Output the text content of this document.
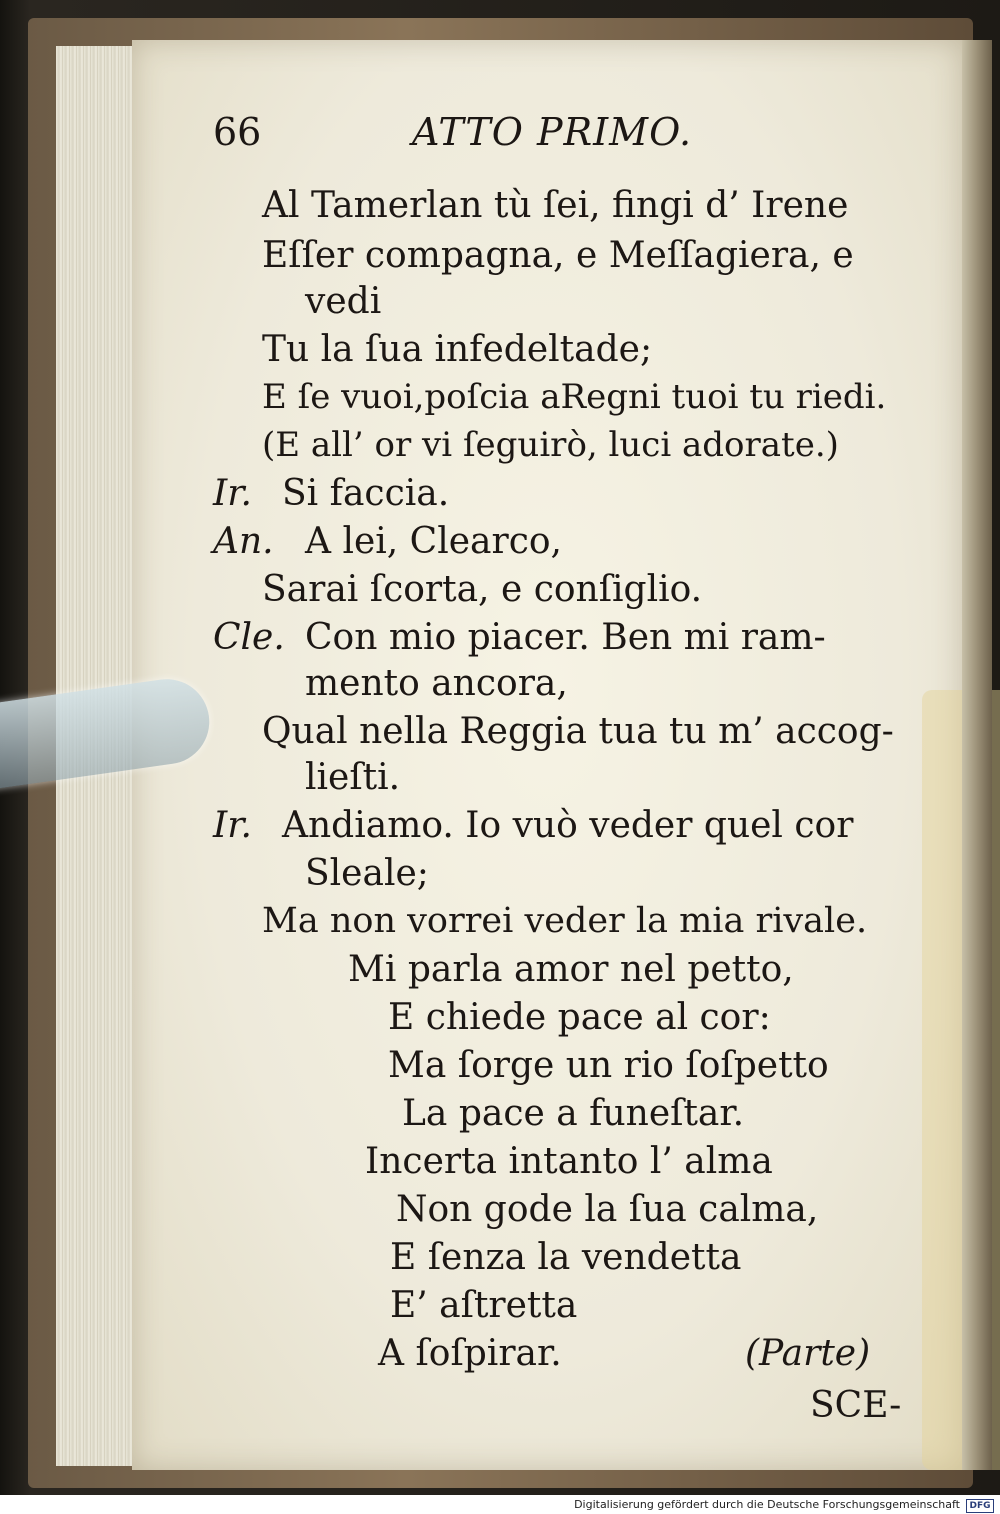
66	ATTO PRIMO.
Al Tamerlan tù ſei, fingi d’ Irene
Eſſer compagna, e Meſſagiera, e
vedi
Tu la ſua infedeltade;
E ſe vuoi,poſcia aRegni tuoi tu riedi.
(E all’ or vi ſeguirò, luci adorate.)
Ir. Si faccia.
An. A lei, Clearco,
Sarai ſcorta, e conſiglio.
Cle. Con mio piacer. Ben mi ram-
mento ancora,
Qual nella Reggia tua tu m’ accog-
lieſti.
Ir. Andiamo. Io vuò veder quel cor
Sleale;
Ma non vorrei veder la mia rivale.
Mi parla amor nel petto,
E chiede pace al cor:
Ma ſorge un rio ſoſpetto
La pace a funeſtar.
Incerta intanto l’ alma
Non gode la ſua calma,
E ſenza la vendetta
E’ aſtretta
A ſoſpirar.	(Parte)
SCE-
Digitalisierung gefördert durch die Deutsche Forschungsgemeinschaft	DFG
